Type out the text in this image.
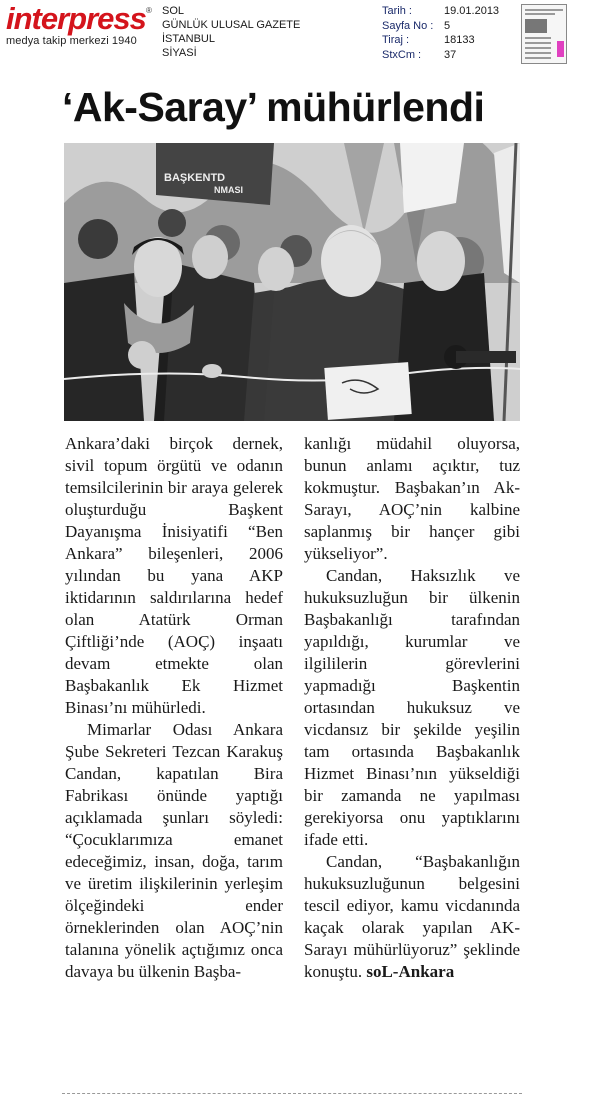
interpress ®
medya takip merkezi 1940
SOL
GÜNLÜK ULUSAL GAZETE
İSTANBUL
SİYASİ
Tarih :	19.01.2013
Sayfa No : 5
Tiraj :	18133
StxCm :	37
‘Ak-Saray’ mühürlendi
BAŞKENTD
NMASI

Ankara’daki birçok dernek, sivil topum örgütü ve odanın temsilcilerinin bir araya gelerek oluşturduğu Başkent Dayanışma İnisiyatifi “Ben Ankara” bileşenleri, 2006 yılından bu yana AKP iktidarının saldırılarına hedef olan Atatürk Orman Çiftliği’nde (AOÇ) inşaatı devam etmekte olan Başbakanlık Ek Hizmet Binası’nı mühürledi.

Mimarlar Odası Ankara Şube Sekreteri Tezcan Karakuş Candan, kapatılan Bira Fabrikası önünde yaptığı açıklamada şunları söyledi: “Çocuklarımıza emanet edeceğimiz, insan, doğa, tarım ve üretim ilişkilerinin yerleşim ölçeğindeki ender örneklerinden olan AOÇ’nin talanına yönelik açtığımız onca davaya bu ülkenin Başba-

kanlığı müdahil oluyorsa, bunun anlamı açıktır, tuz kokmuştur. Başbakan’ın Ak- Sarayı, AOÇ’nin kalbine saplanmış bir hançer gibi yükseliyor”.

Candan, Haksızlık ve hukuksuzluğun bir ülkenin Başbakanlığı tarafından yapıldığı, kurumlar ve ilgililerin görevlerini yapmadığı Başkentin ortasından hukuksuz ve vicdansız bir şekilde yeşilin tam ortasında Başbakanlık Hizmet Binası’nın yükseldiği bir zamanda ne yapılması gerekiyorsa onu yaptıklarını ifade etti.

Candan, “Başbakanlığın hukuksuzluğunun belgesini tescil ediyor, kamu vicdanında kaçak olarak yapılan AK-Sarayı mühürlüyoruz” şeklinde konuştu. soL-Ankara
